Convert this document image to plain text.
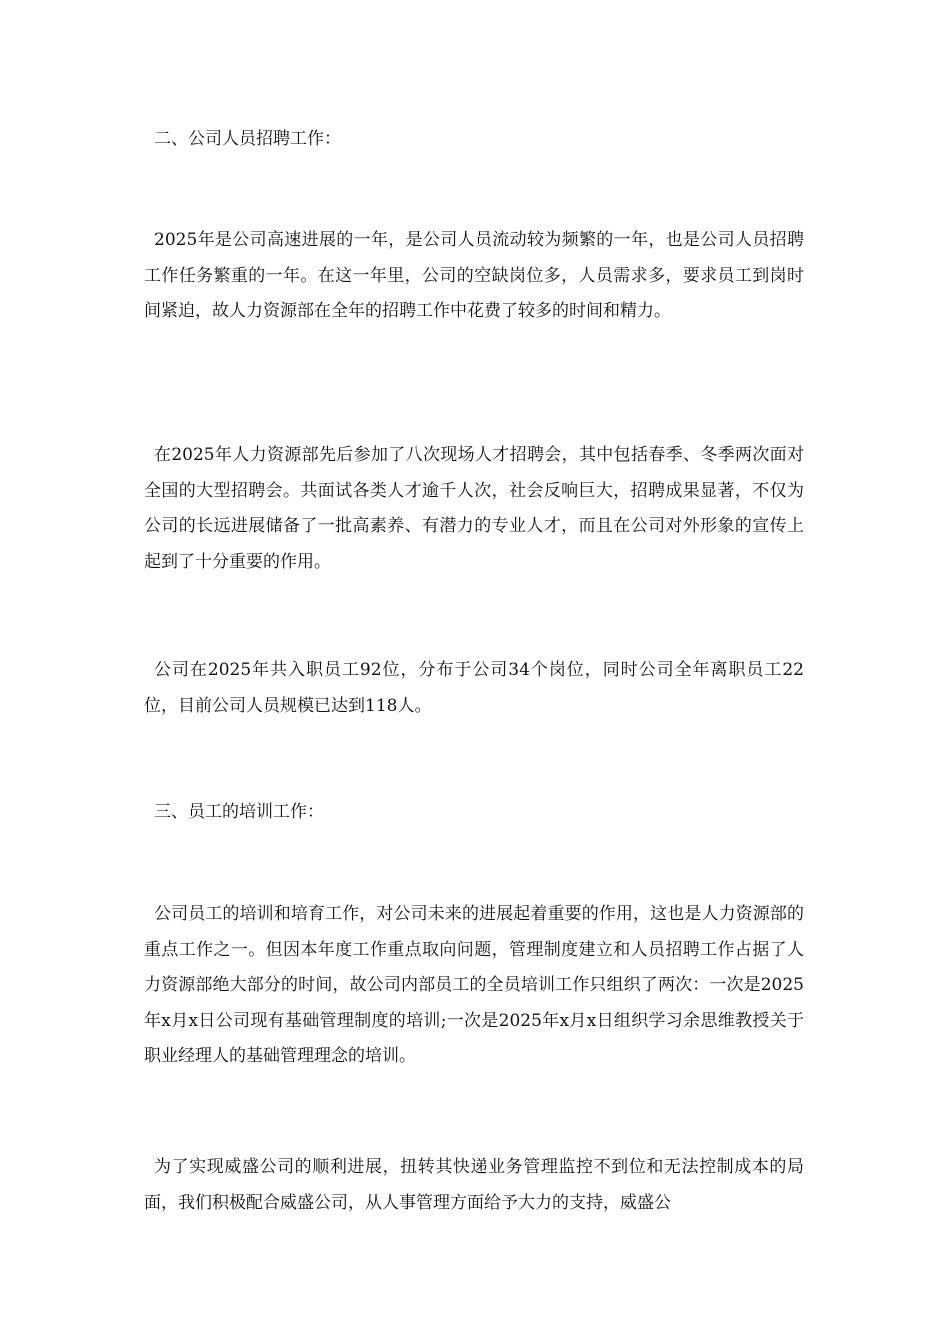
二、公司人员招聘工作：

2025年是公司高速进展的一年，是公司人员流动较为频繁的一年，也是公司人员招聘工作任务繁重的一年。在这一年里，公司的空缺岗位多，人员需求多，要求员工到岗时间紧迫，故人力资源部在全年的招聘工作中花费了较多的时间和精力。

在2025年人力资源部先后参加了八次现场人才招聘会，其中包括春季、冬季两次面对全国的大型招聘会。共面试各类人才逾千人次，社会反响巨大，招聘成果显著，不仅为公司的长远进展储备了一批高素养、有潜力的专业人才，而且在公司对外形象的宣传上起到了十分重要的作用。

公司在2025年共入职员工92位，分布于公司34个岗位，同时公司全年离职员工22位，目前公司人员规模已达到118人。

三、员工的培训工作：

公司员工的培训和培育工作，对公司未来的进展起着重要的作用，这也是人力资源部的重点工作之一。但因本年度工作重点取向问题，管理制度建立和人员招聘工作占据了人力资源部绝大部分的时间，故公司内部员工的全员培训工作只组织了两次：一次是2025年x月x日公司现有基础管理制度的培训;一次是2025年x月x日组织学习余思维教授关于职业经理人的基础管理理念的培训。

为了实现威盛公司的顺利进展，扭转其快递业务管理监控不到位和无法控制成本的局面，我们积极配合威盛公司，从人事管理方面给予大力的支持，威盛公
